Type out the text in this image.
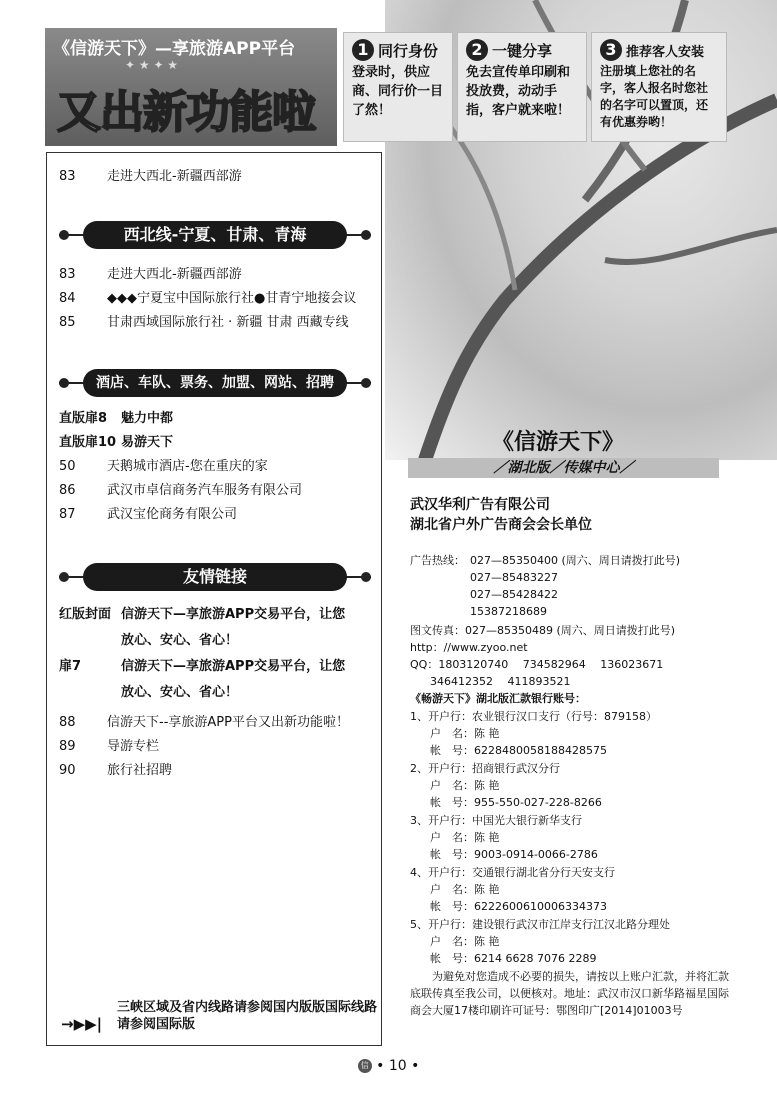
《信游天下》—享旅游APP平台
✦ ★ ✦ ★
又出新功能啦
1 同行身份
登录时，供应商、同行价一目了然！
2 一键分享
免去宣传单印刷和投放费，动动手指，客户就来啦！
3 推荐客人安装
注册填上您社的名字，客人报名时您社的名字可以置顶，还有优惠券哟！
83 走进大西北-新疆西部游
西北线-宁夏、甘肃、青海
83 走进大西北-新疆西部游
84 ◆◆◆宁夏宝中国际旅行社●甘青宁地接会议
85 甘肃西域国际旅行社 · 新疆 甘肃 西藏专线
酒店、车队、票务、加盟、网站、招聘
直版扉8 魅力中都
直版扉10 易游天下
50 天鹅城市酒店-您在重庆的家
86 武汉市卓信商务汽车服务有限公司
87 武汉宝伦商务有限公司
友情链接
红版封面 信游天下—享旅游APP交易平台，让您
放心、安心、省心！
扉7	信游天下—享旅游APP交易平台，让您
放心、安心、省心！
88 信游天下--享旅游APP平台又出新功能啦！
89 导游专栏
90 旅行社招聘
→▶▶|
三峡区域及省内线路请参阅国内版版国际线路请参阅国际版
《信游天下》
／湖北版／传媒中心／
武汉华利广告有限公司
湖北省户外广告商会会长单位
广告热线： 027—85350400 (周六、周日请拨打此号)
027—85483227
027—85428422
15387218689
图文传真：027—85350489 (周六、周日请拨打此号)
http：//www.zyoo.net
QQ：1803120740　 734582964　 136023671
346412352　 411893521
《畅游天下》湖北版汇款银行账号：
1、开户行：农业银行汉口支行（行号：879158）
户　名：陈 艳
帐　号：6228480058188428575
2、开户行：招商银行武汉分行
户　名：陈 艳
帐　号：955-550-027-228-8266
3、开户行：中国光大银行新华支行
户　名：陈 艳
帐　号：9003-0914-0066-2786
4、开户行：交通银行湖北省分行天安支行
户　名：陈 艳
帐　号：6222600610006334373
5、开户行：建设银行武汉市江岸支行江汉北路分理处
户　名：陈 艳
帐　号：6214 6628 7076 2289
　　为避免对您造成不必要的损失，请按以上账户汇款，并将汇款底联传真至我公司，以便核对。地址：武汉市汉口新华路福星国际商会大厦17楼印刷许可证号：鄂图印广[2014]01003号
信 • 10 •
